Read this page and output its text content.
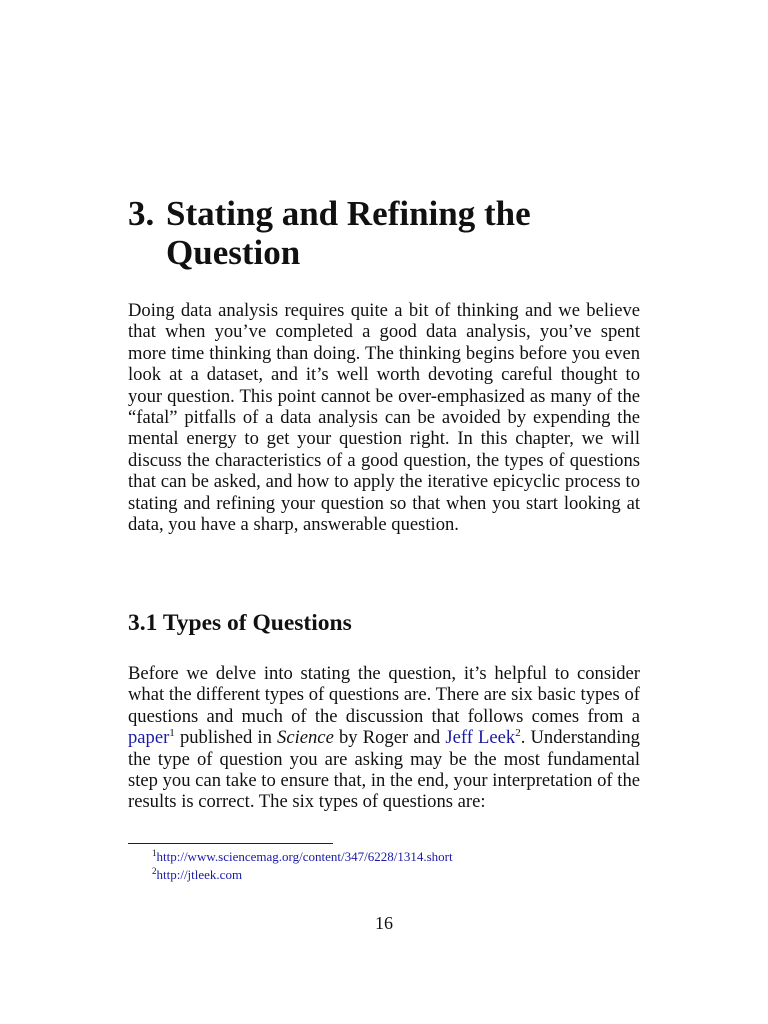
3. Stating and Refining the
Question

Doing data analysis requires quite a bit of thinking and we believe that when you’ve completed a good data analysis, you’ve spent more time thinking than doing. The thinking begins before you even look at a dataset, and it’s well worth devoting careful thought to your question. This point cannot be over-emphasized as many of the “fatal” pitfalls of a data analysis can be avoided by expending the mental energy to get your question right. In this chapter, we will discuss the characteristics of a good question, the types of questions that can be asked, and how to apply the iterative epicyclic process to stating and refining your question so that when you start looking at data, you have a sharp, answerable question.

3.1 Types of Questions

Before we delve into stating the question, it’s helpful to consider what the different types of questions are. There are six basic types of questions and much of the discussion that follows comes from a paper$^1$ published in Science by Roger and Jeff Leek$^2$. Understanding the type of question you are asking may be the most fundamental step you can take to ensure that, in the end, your interpretation of the results is correct. The six types of questions are:

$^1$http://www.sciencemag.org/content/347/6228/1314.short
$^2$http://jtleek.com
16
